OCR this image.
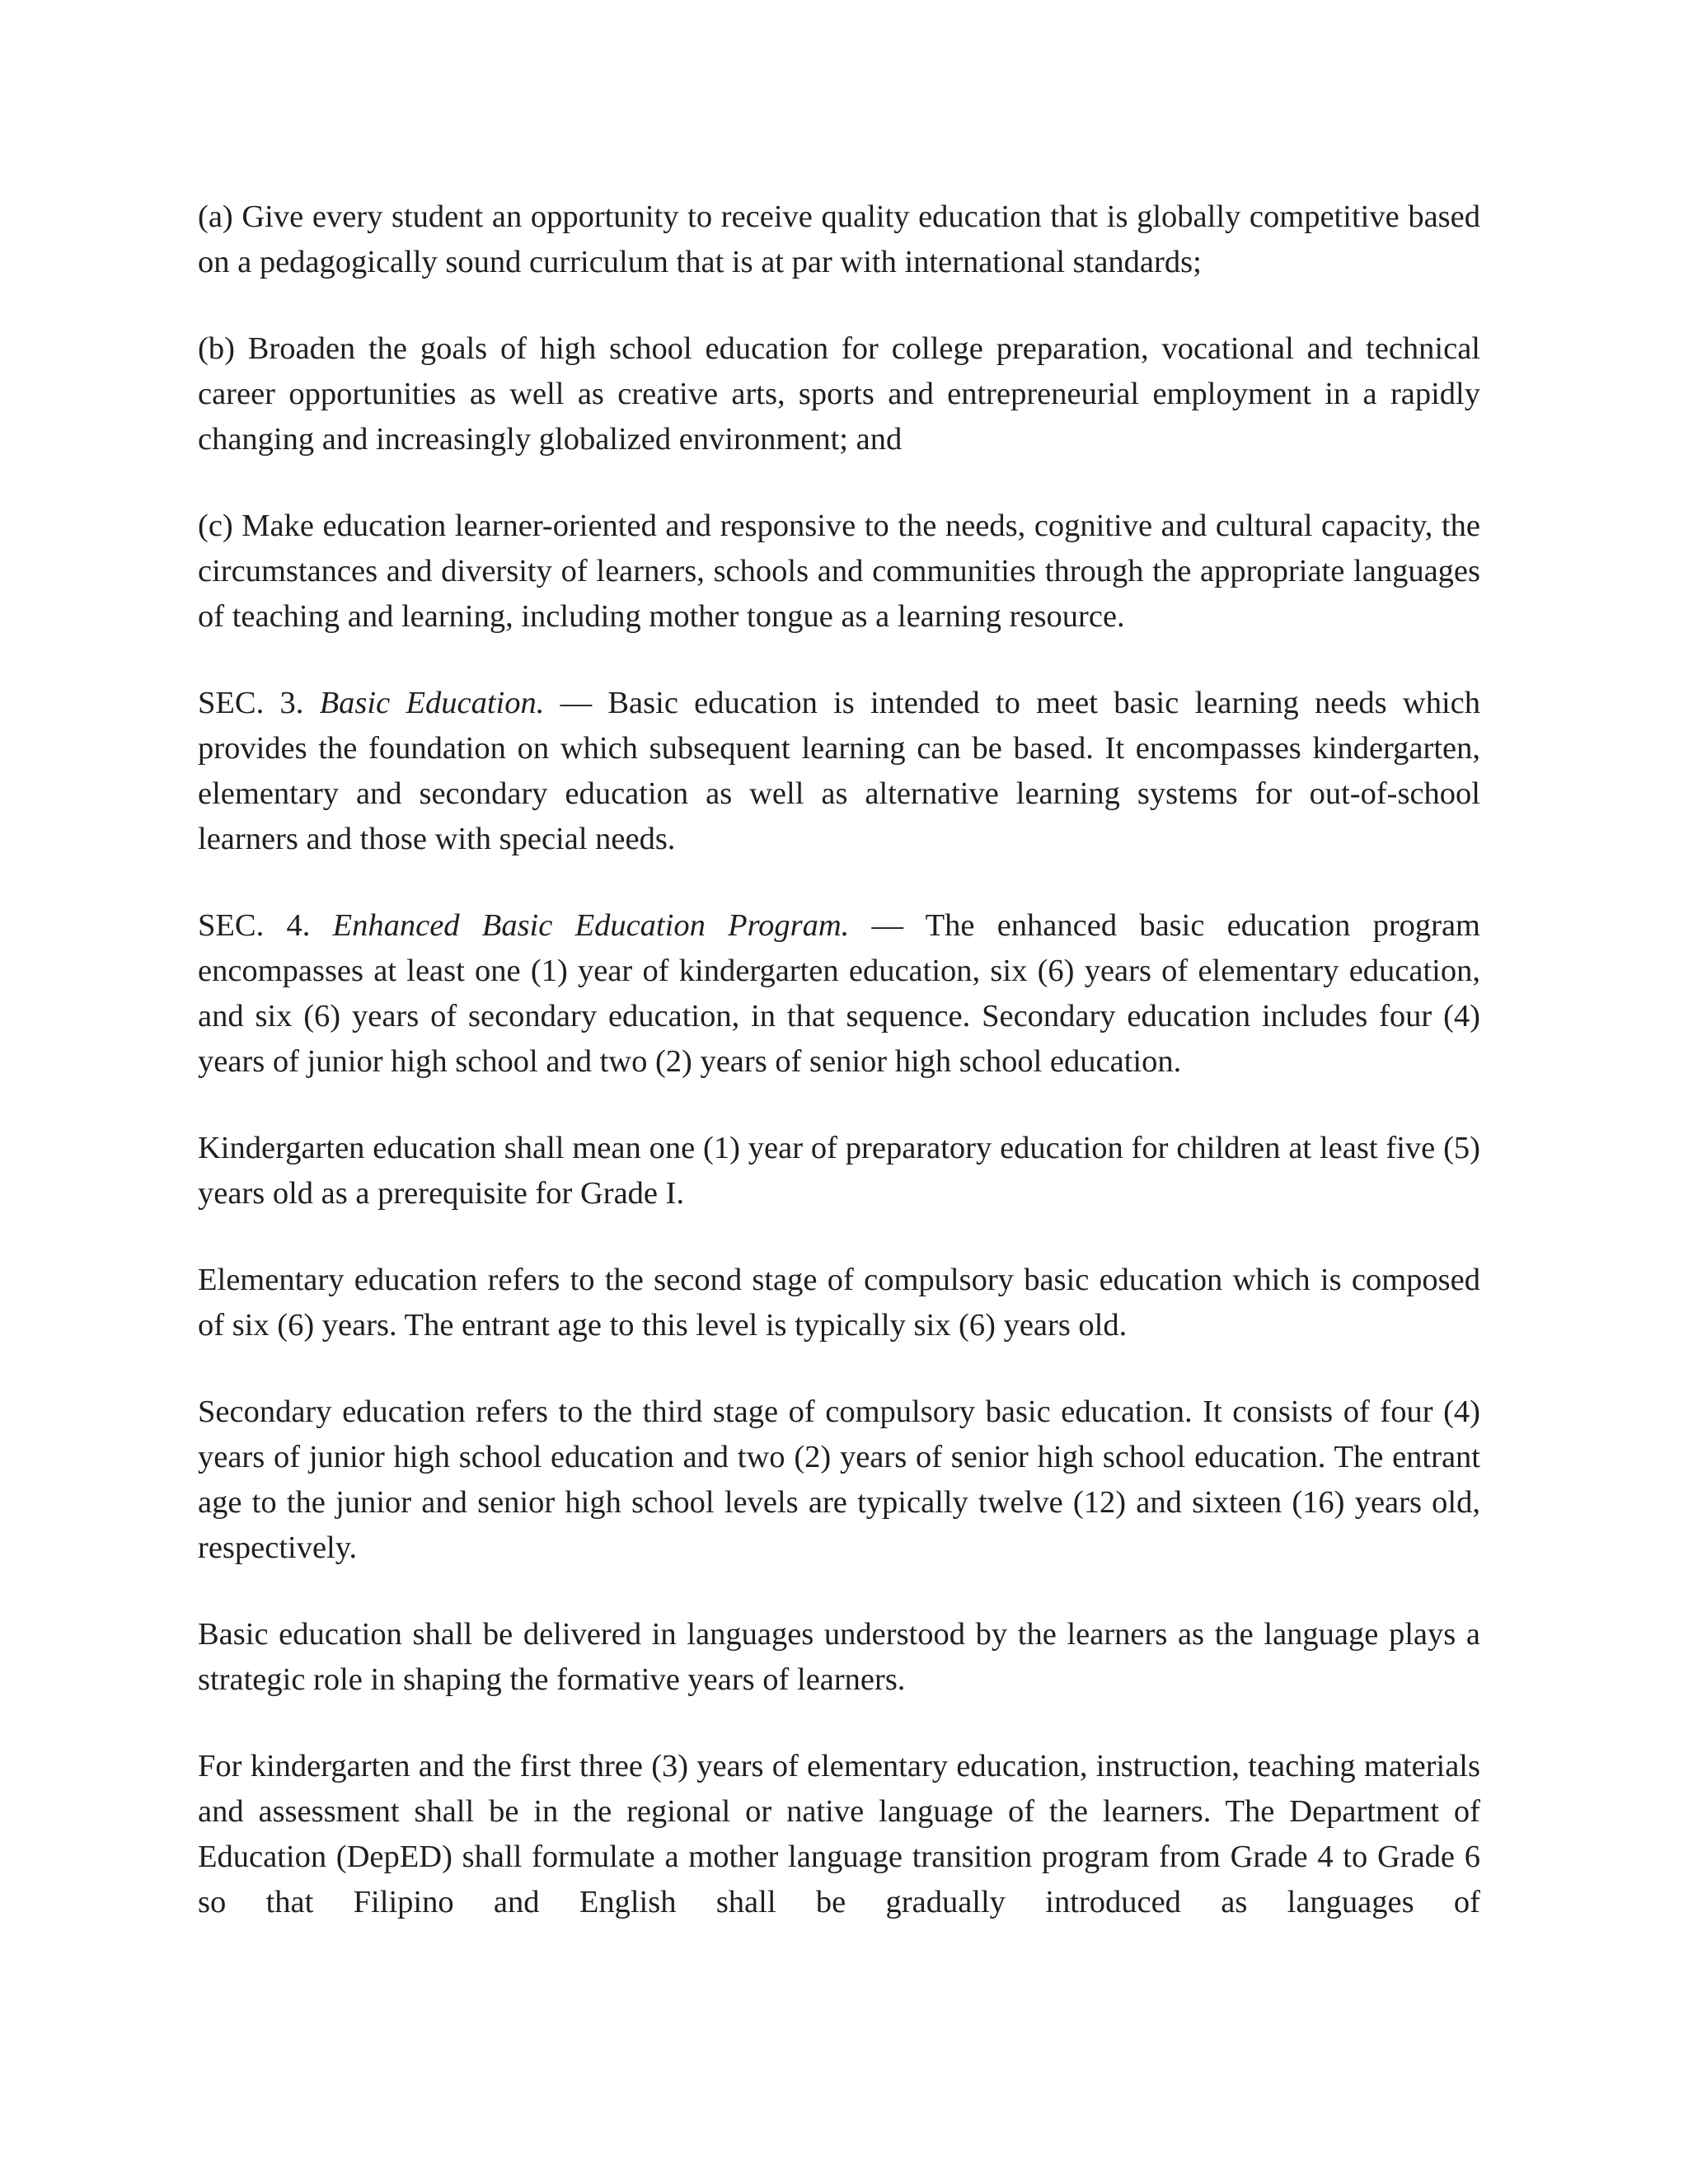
(a) Give every student an opportunity to receive quality education that is globally competitive based on a pedagogically sound curriculum that is at par with international standards;

(b) Broaden the goals of high school education for college preparation, vocational and technical career opportunities as well as creative arts, sports and entrepreneurial employment in a rapidly changing and increasingly globalized environment; and

(c) Make education learner-oriented and responsive to the needs, cognitive and cultural capacity, the circumstances and diversity of learners, schools and communities through the appropriate languages of teaching and learning, including mother tongue as a learning resource.

SEC. 3. Basic Education. — Basic education is intended to meet basic learning needs which provides the foundation on which subsequent learning can be based. It encompasses kindergarten, elementary and secondary education as well as alternative learning systems for out-of-school learners and those with special needs.

SEC. 4. Enhanced Basic Education Program. — The enhanced basic education program encompasses at least one (1) year of kindergarten education, six (6) years of elementary education, and six (6) years of secondary education, in that sequence. Secondary education includes four (4) years of junior high school and two (2) years of senior high school education.

Kindergarten education shall mean one (1) year of preparatory education for children at least five (5) years old as a prerequisite for Grade I.

Elementary education refers to the second stage of compulsory basic education which is composed of six (6) years. The entrant age to this level is typically six (6) years old.

Secondary education refers to the third stage of compulsory basic education. It consists of four (4) years of junior high school education and two (2) years of senior high school education. The entrant age to the junior and senior high school levels are typically twelve (12) and sixteen (16) years old, respectively.

Basic education shall be delivered in languages understood by the learners as the language plays a strategic role in shaping the formative years of learners.

For kindergarten and the first three (3) years of elementary education, instruction, teaching materials and assessment shall be in the regional or native language of the learners. The Department of Education (DepED) shall formulate a mother language transition program from Grade 4 to Grade 6 so that Filipino and English shall be gradually introduced as languages of
